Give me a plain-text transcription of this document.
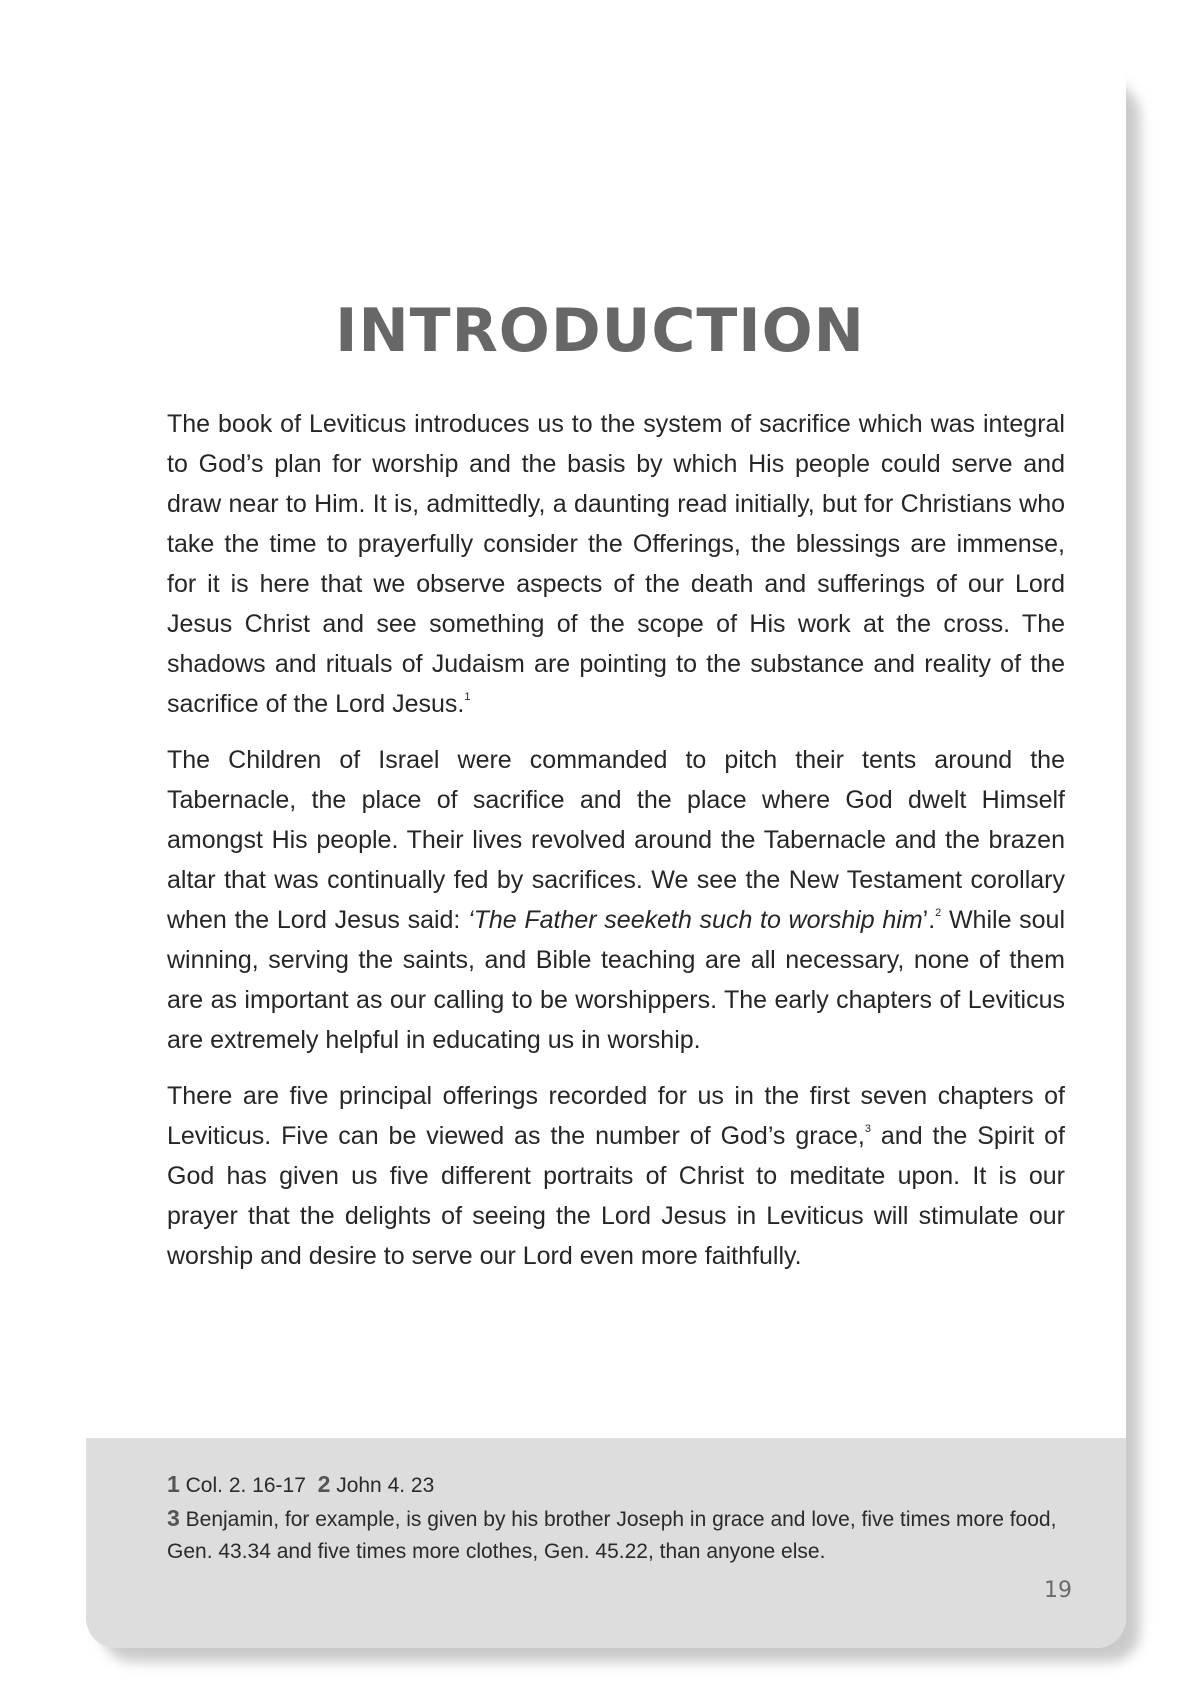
INTRODUCTION

The book of Leviticus introduces us to the system of sacrifice which was integral to God’s plan for worship and the basis by which His people could serve and draw near to Him. It is, admittedly, a daunting read initially, but for Christians who take the time to prayerfully consider the Offerings, the blessings are immense, for it is here that we observe aspects of the death and sufferings of our Lord Jesus Christ and see something of the scope of His work at the cross. The shadows and rituals of Judaism are pointing to the substance and reality of the sacrifice of the Lord Jesus.$^1$

The Children of Israel were commanded to pitch their tents around the Tabernacle, the place of sacrifice and the place where God dwelt Himself amongst His people. Their lives revolved around the Tabernacle and the brazen altar that was continually fed by sacrifices. We see the New Testament corollary when the Lord Jesus said: ‘The Father seeketh such to worship him’.$^2$ While soul winning, serving the saints, and Bible teaching are all necessary, none of them are as important as our calling to be worshippers. The early chapters of Leviticus are extremely helpful in educating us in worship.

There are five principal offerings recorded for us in the first seven chapters of Leviticus. Five can be viewed as the number of God’s grace,$^3$ and the Spirit of God has given us five different portraits of Christ to meditate upon. It is our prayer that the delights of seeing the Lord Jesus in Leviticus will stimulate our worship and desire to serve our Lord even more faithfully.

1 Col. 2. 16-17 2 John 4. 23
3 Benjamin, for example, is given by his brother Joseph in grace and love, five times more food, Gen. 43.34 and five times more clothes, Gen. 45.22, than anyone else.
19
